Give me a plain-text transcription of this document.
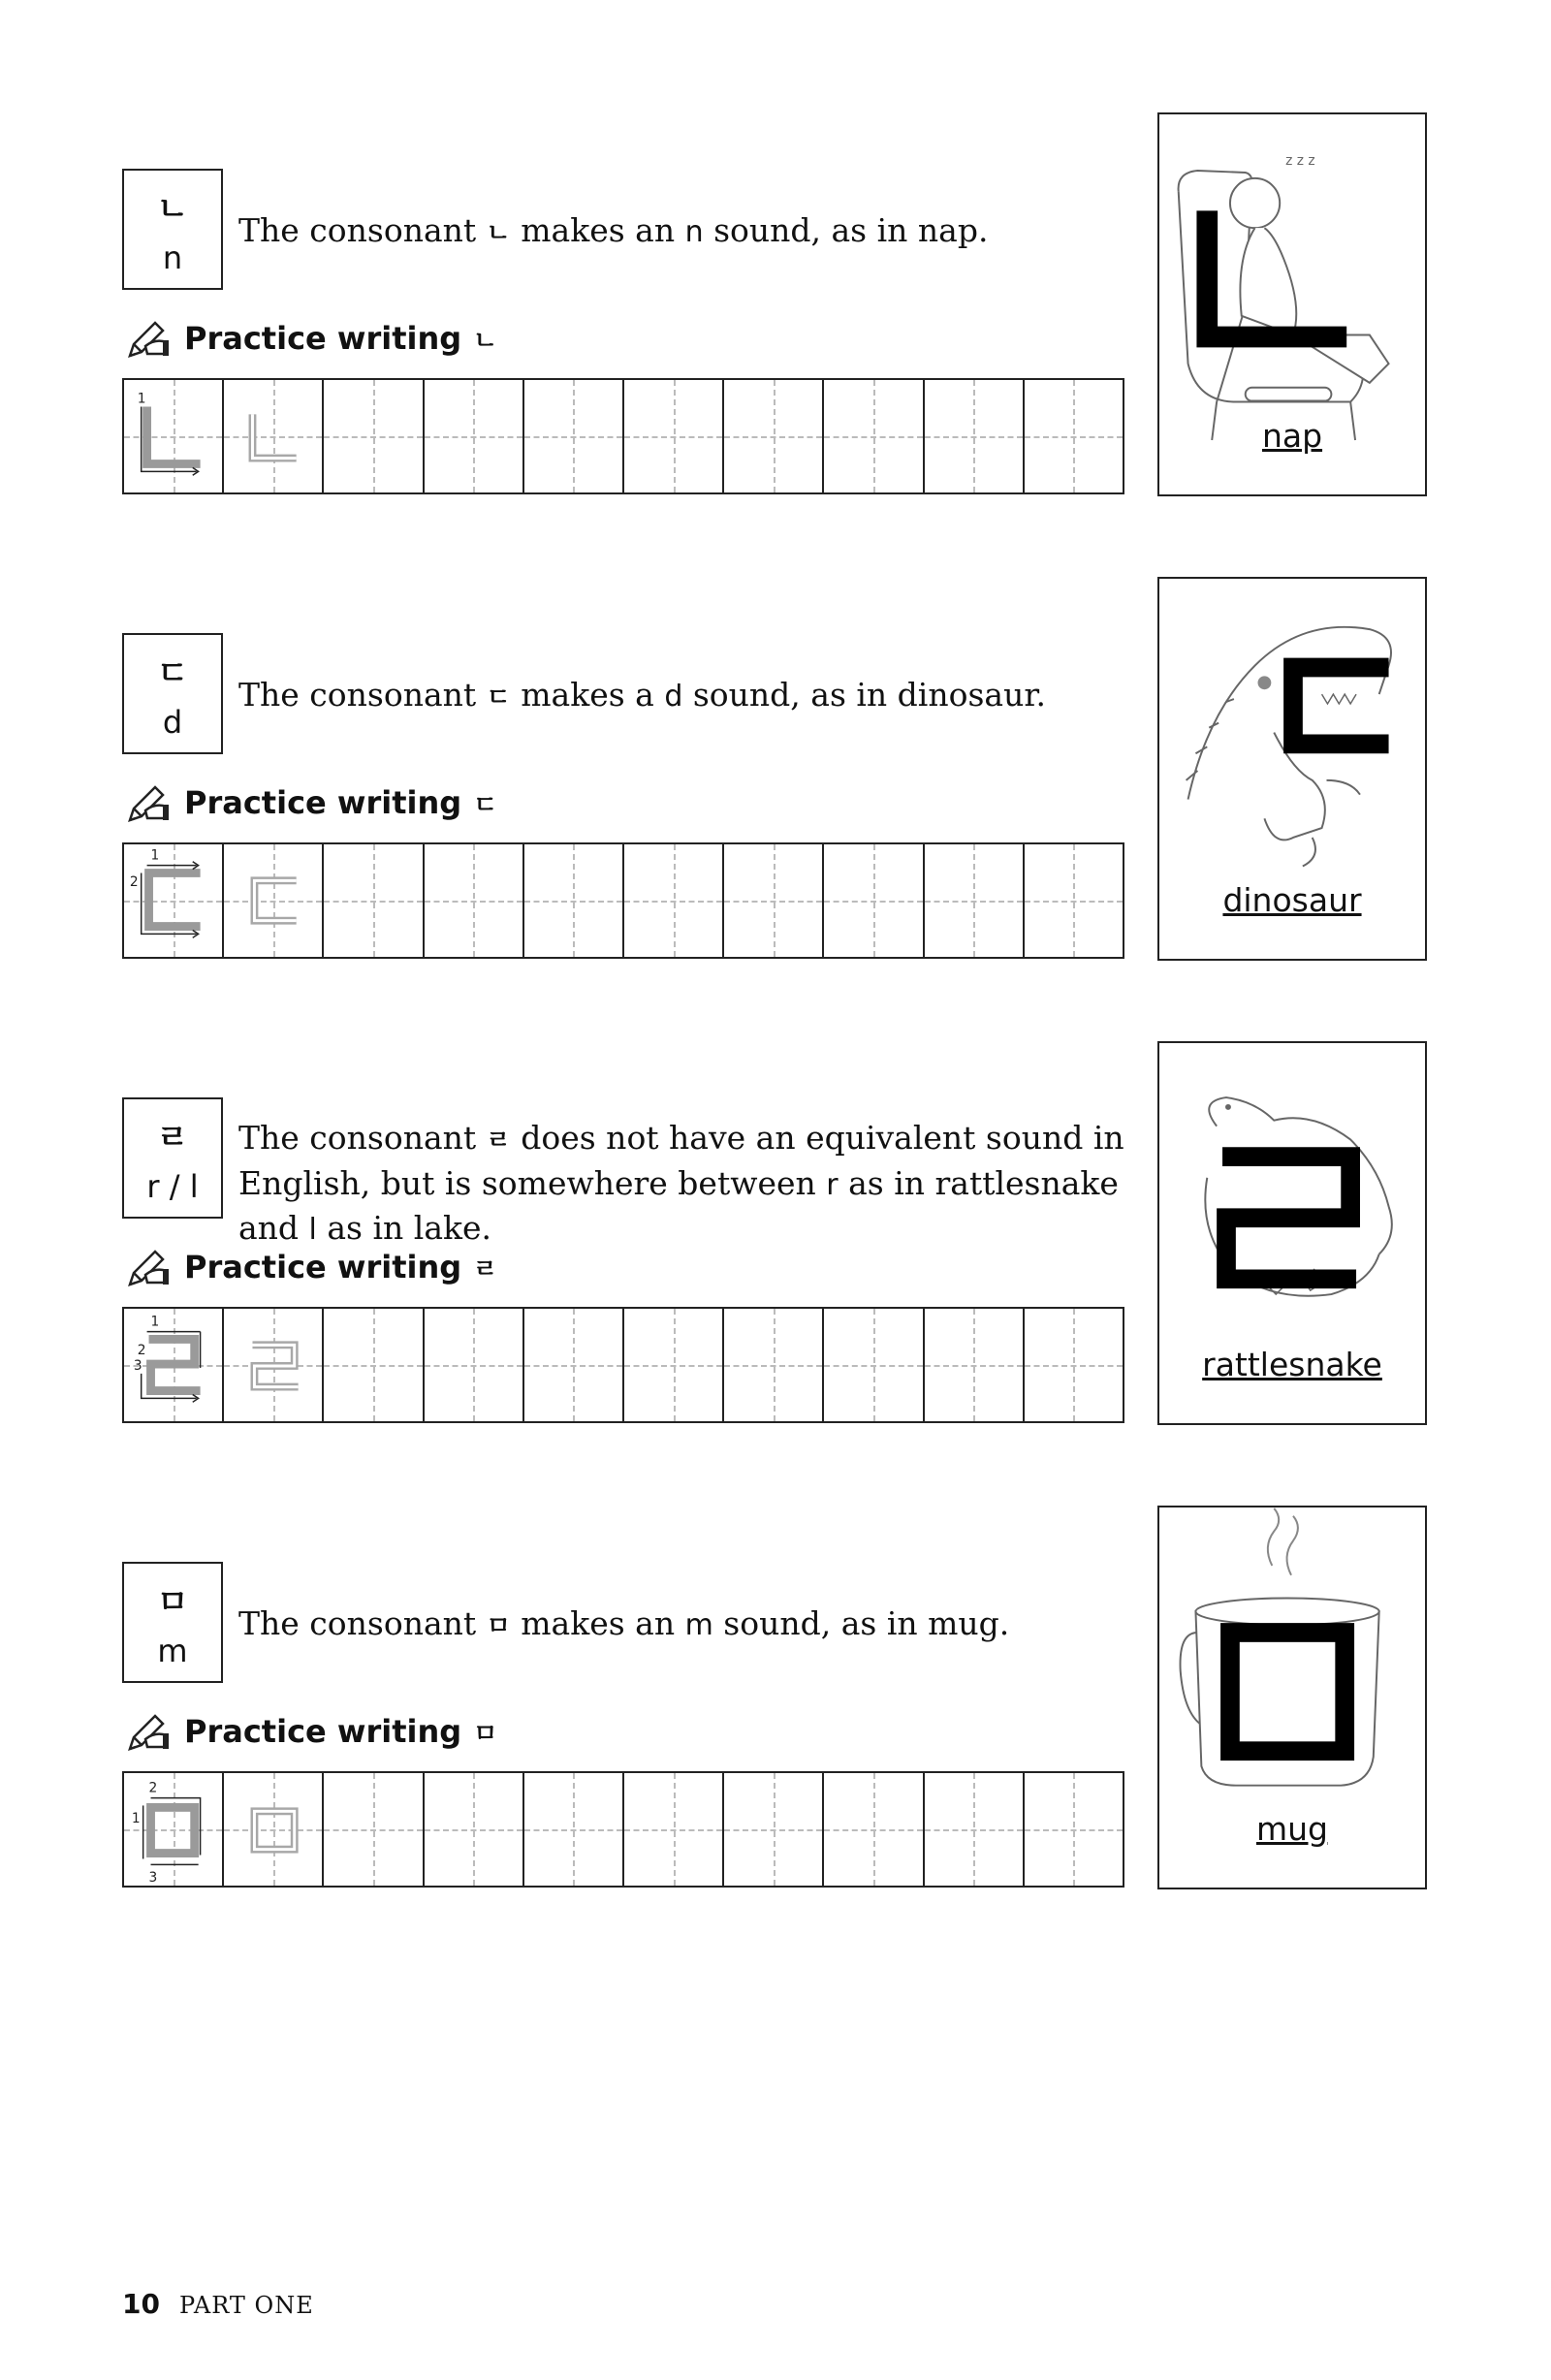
ㄴ
n
The consonant ㄴ makes an n sound, as in nap.
Practice writing ㄴ
1
z z z
nap
ㄷ
d
The consonant ㄷ makes a d sound, as in dinosaur.
Practice writing ㄷ
1
2	dinosaur
ㄹ
r / l
The consonant ㄹ does not have an equivalent sound in English, but is somewhere between r as in rattlesnake and l as in lake.
Practice writing ㄹ
1
2
3	rattlesnake
ㅁ
m
The consonant ㅁ makes an m sound, as in mug.
Practice writing ㅁ
2
1
3
mug
10 PART ONE
